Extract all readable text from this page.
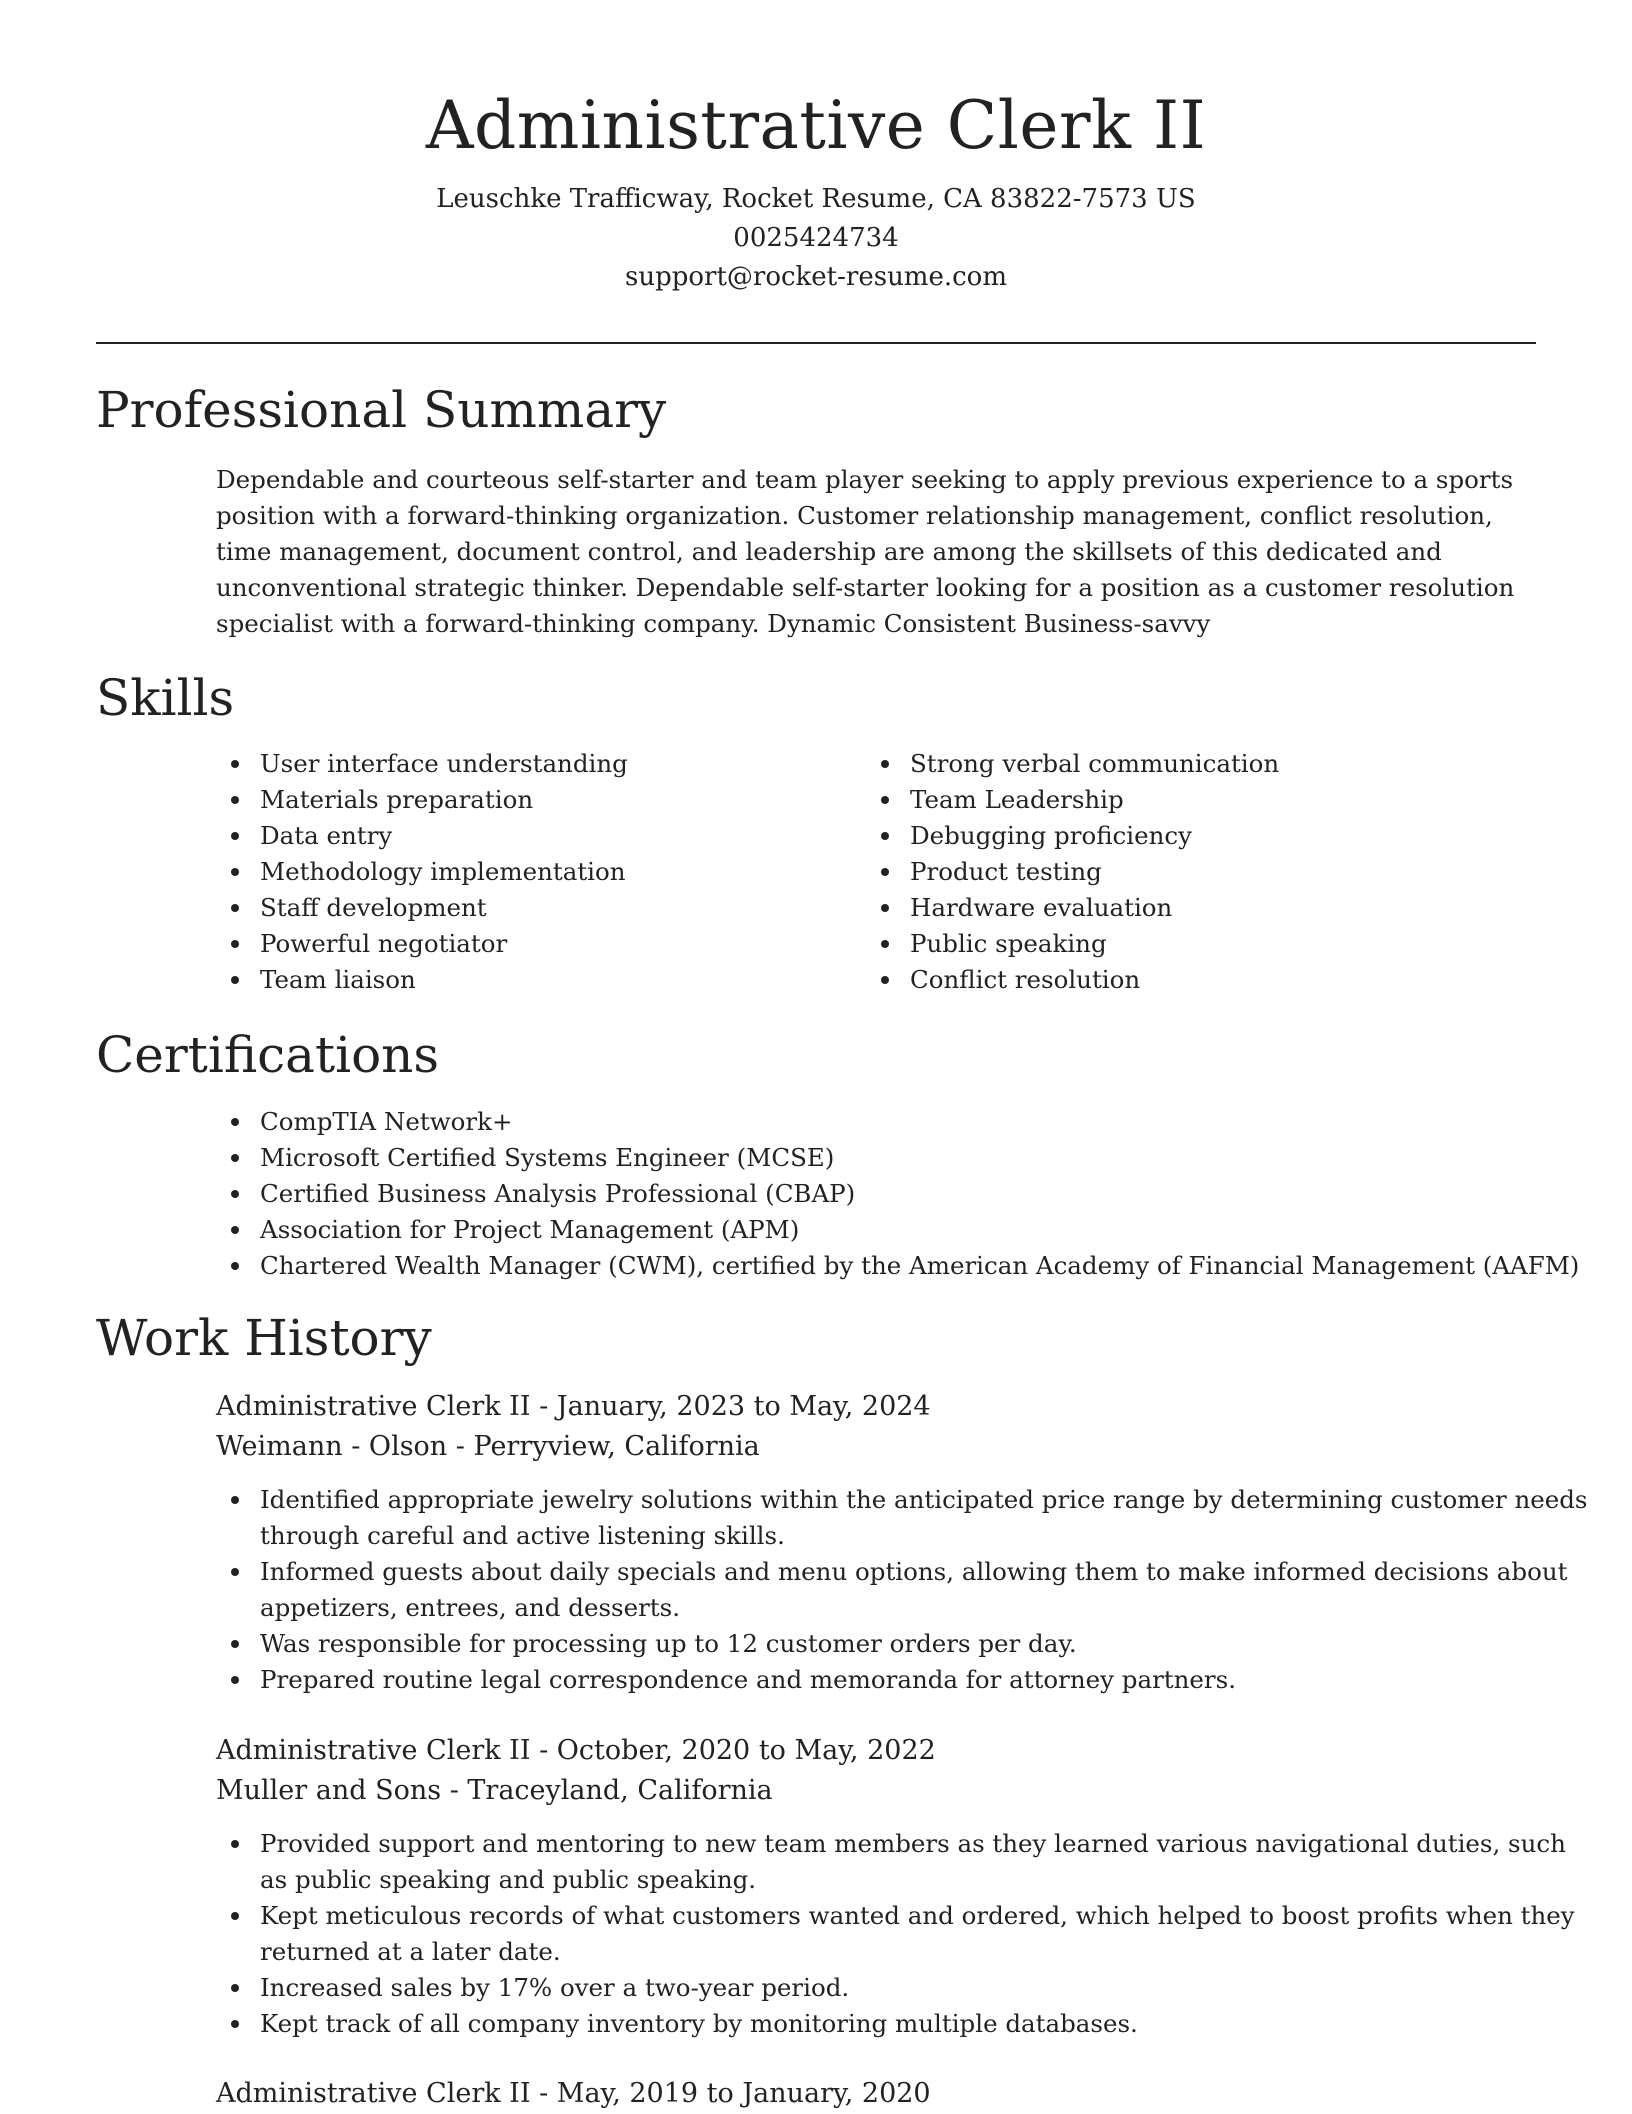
Administrative Clerk II

Leuschke Trafficway, Rocket Resume, CA 83822-7573 US

0025424734

support@rocket-resume.com

Professional Summary

Dependable and courteous self-starter and team player seeking to apply previous experience to a sports position with a forward-thinking organization. Customer relationship management, conflict resolution, time management, document control, and leadership are among the skillsets of this dedicated and unconventional strategic thinker. Dependable self-starter looking for a position as a customer resolution specialist with a forward-thinking company. Dynamic Consistent Business-savvy

Skills
User interface understanding
Materials preparation
Data entry
Methodology implementation
Staff development
Powerful negotiator
Team liaison
Strong verbal communication
Team Leadership
Debugging proficiency
Product testing
Hardware evaluation
Public speaking
Conflict resolution
Certifications
CompTIA Network+
Microsoft Certified Systems Engineer (MCSE)
Certified Business Analysis Professional (CBAP)
Association for Project Management (APM)
Chartered Wealth Manager (CWM), certified by the American Academy of Financial Management (AAFM)
Work History

Administrative Clerk II - January, 2023 to May, 2024

Weimann - Olson - Perryview, California

Identified appropriate jewelry solutions within the anticipated price range by determining customer needs through careful and active listening skills.
Informed guests about daily specials and menu options, allowing them to make informed decisions about appetizers, entrees, and desserts.
Was responsible for processing up to 12 customer orders per day.
Prepared routine legal correspondence and memoranda for attorney partners.

Administrative Clerk II - October, 2020 to May, 2022

Muller and Sons - Traceyland, California

Provided support and mentoring to new team members as they learned various navigational duties, such as public speaking and public speaking.
Kept meticulous records of what customers wanted and ordered, which helped to boost profits when they returned at a later date.
Increased sales by 17% over a two-year period.
Kept track of all company inventory by monitoring multiple databases.

Administrative Clerk II - May, 2019 to January, 2020
